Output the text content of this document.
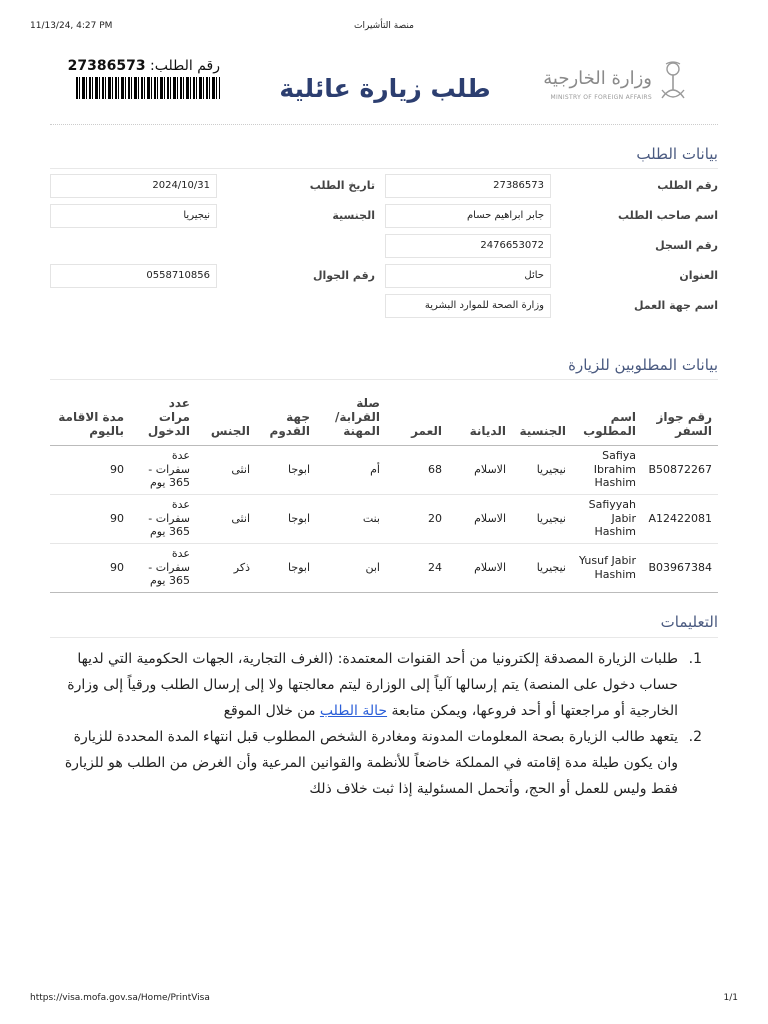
11/13/24, 4:27 PM	منصة التأشيرات
رقم الطلب: 27386573
طلب زيارة عائلية	وزارة الخارجية
MINISTRY OF FOREIGN AFFAIRS
بيانات الطلب
رقم الطلب
27386573
اسم صاحب الطلب
جابر ابراهيم حسام
رقم السجل
2476653072
العنوان
حائل
اسم جهة العمل
وزارة الصحة للموارد البشرية
تاريخ الطلب
2024/10/31
الجنسية
نيجيريا
رقم الجوال
0558710856
بيانات المطلوبين للزيارة
رقم جواز السفر	اسم المطلوب	الجنسية	الديانة	العمر	صلة القرابة/ المهنة	جهة القدوم	الجنس	عدد مرات الدخول	مدة الاقامة باليوم
B50872267	Safiya Ibrahim Hashim	نيجيريا	الاسلام	68	أم	ابوجا	انثى	عدة سفرات - 365 يوم	90
A12422081	Safiyyah Jabir Hashim	نيجيريا	الاسلام	20	بنت	ابوجا	انثى	عدة سفرات - 365 يوم	90
B03967384	Yusuf Jabir Hashim	نيجيريا	الاسلام	24	ابن	ابوجا	ذكر	عدة سفرات - 365 يوم	90
التعليمات
1.
طلبات الزيارة المصدقة إلكترونيا من أحد القنوات المعتمدة: (الغرف التجارية، الجهات الحكومية التي لديها حساب دخول على المنصة) يتم إرسالها آلياً إلى الوزارة ليتم معالجتها ولا إلى إرسال الطلب ورقياً إلى وزارة الخارجية أو مراجعتها أو أحد فروعها، ويمكن متابعة حالة الطلب من خلال الموقع
2.
يتعهد طالب الزيارة بصحة المعلومات المدونة ومغادرة الشخص المطلوب قبل انتهاء المدة المحددة للزيارة وان يكون طيلة مدة إقامته في المملكة خاضعاً للأنظمة والقوانين المرعية وأن الغرض من الطلب هو للزيارة فقط وليس للعمل أو الحج، وأتحمل المسئولية إذا ثبت خلاف ذلك
https://visa.mofa.gov.sa/Home/PrintVisa	1/1
